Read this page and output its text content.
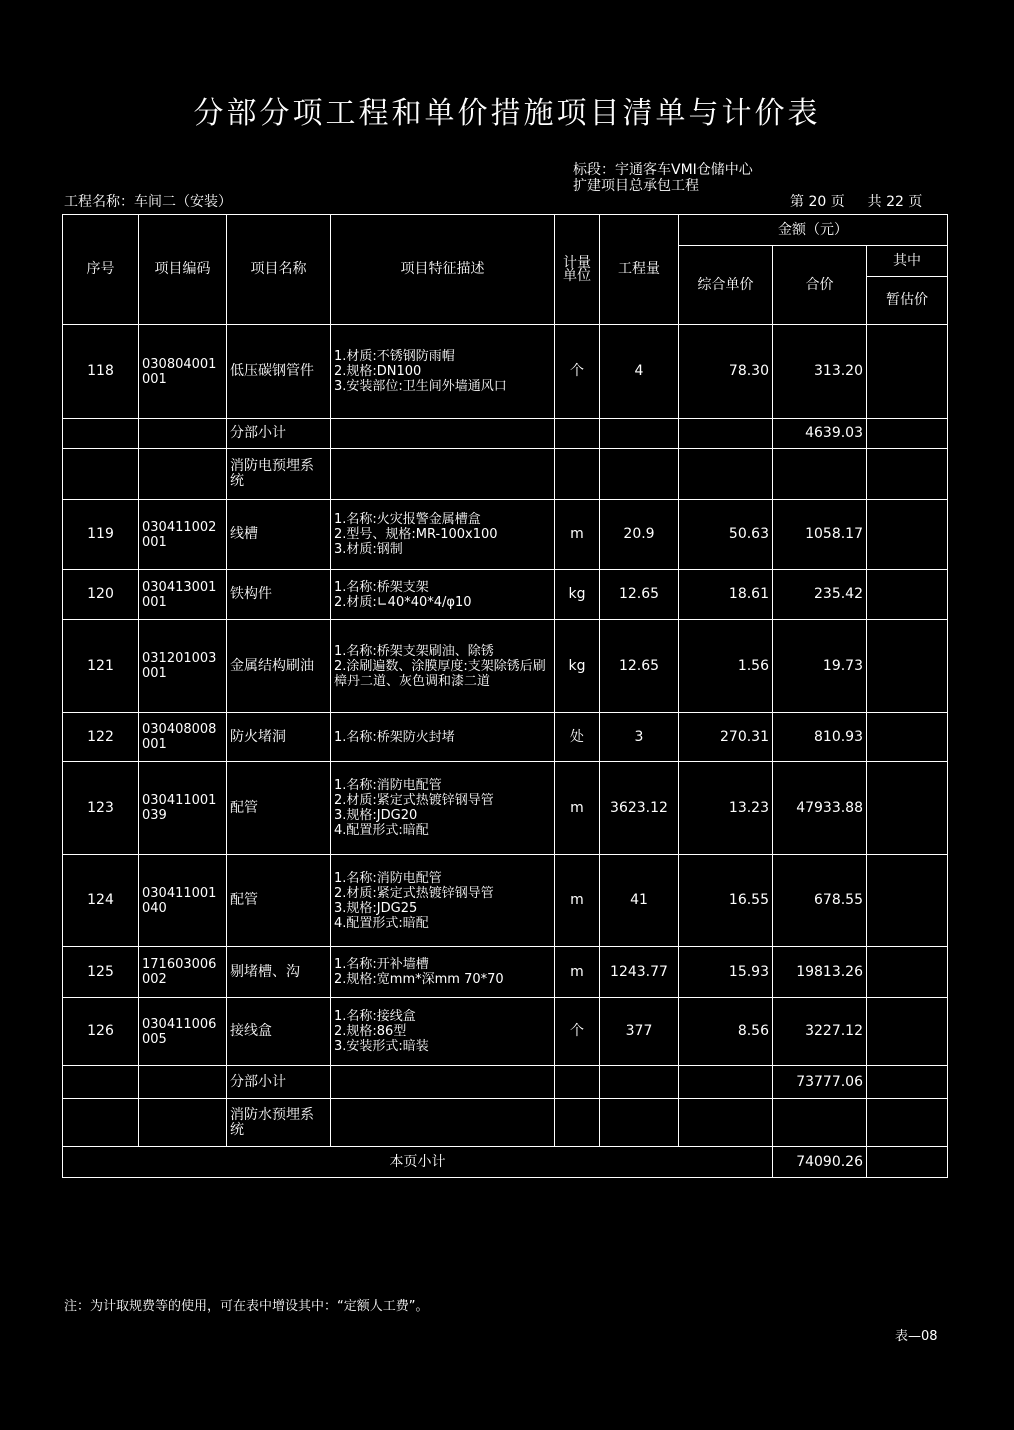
分部分项工程和单价措施项目清单与计价表
工程名称：车间二（安装）
标段：宇通客车VMI仓储中心扩建项目总承包工程
第 20 页 共 22 页
序号	项目编码	项目名称	项目特征描述	计量单位	工程量	金额（元）		
						综合单价	合价	其中
								暂估价
118	030804001001	低压碳钢管件	1.材质:不锈钢防雨帽
2.规格:DN100
3.安装部位:卫生间外墙通风口	个	4	78.30	313.20	
		分部小计					4639.03	
		消防电预埋系统						
119	030411002001	线槽	1.名称:火灾报警金属槽盒
2.型号、规格:MR-100x100
3.材质:钢制	m	20.9	50.63	1058.17	
120	030413001001	铁构件	1.名称:桥架支架
2.材质:∟40*40*4/φ10	kg	12.65	18.61	235.42	
121	031201003001	金属结构刷油	1.名称:桥架支架刷油、除锈
2.涂刷遍数、涂膜厚度:支架除锈后刷樟丹二道、灰色调和漆二道	kg	12.65	1.56	19.73	
122	030408008001	防火堵洞	1.名称:桥架防火封堵	处	3	270.31	810.93	
123	030411001039	配管	1.名称:消防电配管
2.材质:紧定式热镀锌钢导管
3.规格:JDG20
4.配置形式:暗配	m	3623.12	13.23	47933.88	
124	030411001040	配管	1.名称:消防电配管
2.材质:紧定式热镀锌钢导管
3.规格:JDG25
4.配置形式:暗配	m	41	16.55	678.55	
125	171603006002	剔堵槽、沟	1.名称:开补墙槽
2.规格:宽mm*深mm 70*70	m	1243.77	15.93	19813.26	
126	030411006005	接线盒	1.名称:接线盒
2.规格:86型
3.安装形式:暗装	个	377	8.56	3227.12	
		分部小计					73777.06	
		消防水预埋系统						
本页小计							74090.26	
注：为计取规费等的使用，可在表中增设其中：“定额人工费”。
表—08
